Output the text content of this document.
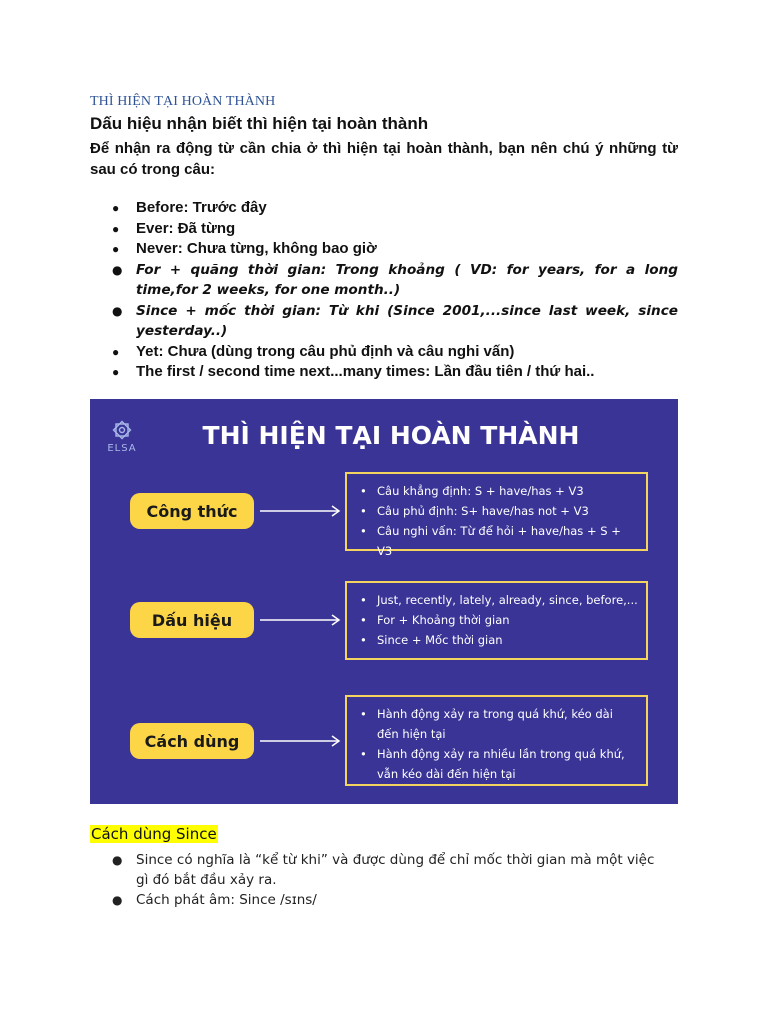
THÌ HIỆN TẠI HOÀN THÀNH
Dấu hiệu nhận biết thì hiện tại hoàn thành

Để nhận ra động từ cần chia ở thì hiện tại hoàn thành, bạn nên chú ý những từ sau có trong câu:

● Before: Trước đây
● Ever: Đã từng
● Never: Chưa từng, không bao giờ
● For + quãng thời gian: Trong khoảng ( VD: for years, for a long time,for 2 weeks, for one month..)
● Since + mốc thời gian: Từ khi (Since 2001,...since last week, since yesterday..)
● Yet: Chưa (dùng trong câu phủ định và câu nghi vấn)
● The first / second time next...many times: Lần đầu tiên / thứ hai..
ELSA	THÌ HIỆN TẠI HOÀN THÀNH
Công thức
• Câu khẳng định: S + have/has + V3
• Câu phủ định: S+ have/has not + V3
• Câu nghi vấn: Từ để hỏi + have/has + S + V3
Dấu hiệu
• Just, recently, lately, already, since, before,...
• For + Khoảng thời gian
• Since + Mốc thời gian
Cách dùng
• Hành động xảy ra trong quá khứ, kéo dài đến hiện tại
• Hành động xảy ra nhiều lần trong quá khứ, vẫn kéo dài đến hiện tại
Cách dùng Since
● Since có nghĩa là “kể từ khi” và được dùng để chỉ mốc thời gian mà một việc gì đó bắt đầu xảy ra.
● Cách phát âm: Since /sɪns/
